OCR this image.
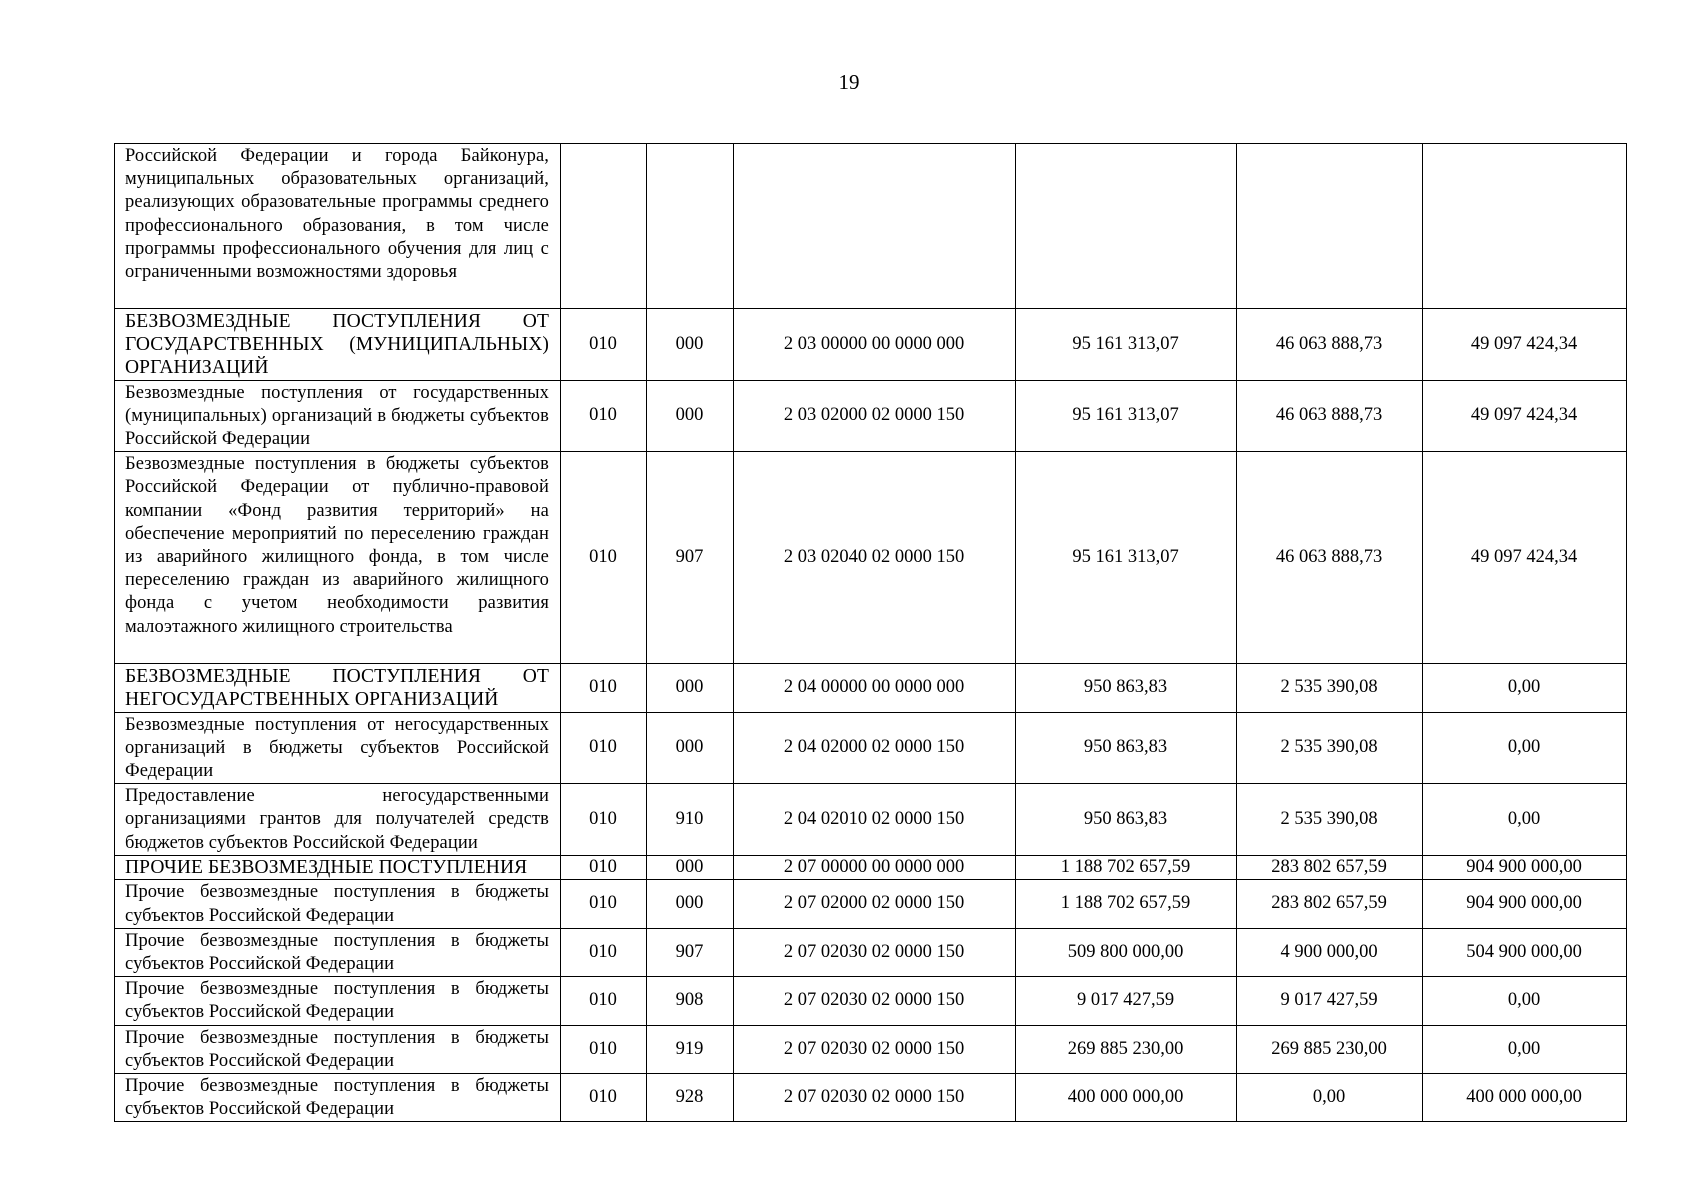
19
Российской Федерации и города Байконура, муниципальных образовательных организаций, реализующих образовательные программы среднего профессионального образования, в том числе программы профессионального обучения для лиц с ограниченными возможностями здоровья						
БЕЗВОЗМЕЗДНЫЕ ПОСТУПЛЕНИЯ ОТ ГОСУДАРСТВЕННЫХ (МУНИЦИПАЛЬНЫХ) ОРГАНИЗАЦИЙ	010	000	2 03 00000 00 0000 000	95 161 313,07	46 063 888,73	49 097 424,34
Безвозмездные поступления от государственных (муниципальных) организаций в бюджеты субъектов Российской Федерации	010	000	2 03 02000 02 0000 150	95 161 313,07	46 063 888,73	49 097 424,34
Безвозмездные поступления в бюджеты субъектов Российской Федерации от публично-правовой компании «Фонд развития территорий» на обеспечение мероприятий по переселению граждан из аварийного жилищного фонда, в том числе переселению граждан из аварийного жилищного фонда с учетом необходимости развития малоэтажного жилищного строительства	010	907	2 03 02040 02 0000 150	95 161 313,07	46 063 888,73	49 097 424,34
БЕЗВОЗМЕЗДНЫЕ ПОСТУПЛЕНИЯ ОТ НЕГОСУДАРСТВЕННЫХ ОРГАНИЗАЦИЙ	010	000	2 04 00000 00 0000 000	950 863,83	2 535 390,08	0,00
Безвозмездные поступления от негосударственных организаций в бюджеты субъектов Российской Федерации	010	000	2 04 02000 02 0000 150	950 863,83	2 535 390,08	0,00
Предоставление негосударственными организациями грантов для получателей средств бюджетов субъектов Российской Федерации	010	910	2 04 02010 02 0000 150	950 863,83	2 535 390,08	0,00
ПРОЧИЕ БЕЗВОЗМЕЗДНЫЕ ПОСТУПЛЕНИЯ	010	000	2 07 00000 00 0000 000	1 188 702 657,59	283 802 657,59	904 900 000,00
Прочие безвозмездные поступления в бюджеты субъектов Российской Федерации	010	000	2 07 02000 02 0000 150	1 188 702 657,59	283 802 657,59	904 900 000,00
Прочие безвозмездные поступления в бюджеты субъектов Российской Федерации	010	907	2 07 02030 02 0000 150	509 800 000,00	4 900 000,00	504 900 000,00
Прочие безвозмездные поступления в бюджеты субъектов Российской Федерации	010	908	2 07 02030 02 0000 150	9 017 427,59	9 017 427,59	0,00
Прочие безвозмездные поступления в бюджеты субъектов Российской Федерации	010	919	2 07 02030 02 0000 150	269 885 230,00	269 885 230,00	0,00
Прочие безвозмездные поступления в бюджеты субъектов Российской Федерации	010	928	2 07 02030 02 0000 150	400 000 000,00	0,00	400 000 000,00
